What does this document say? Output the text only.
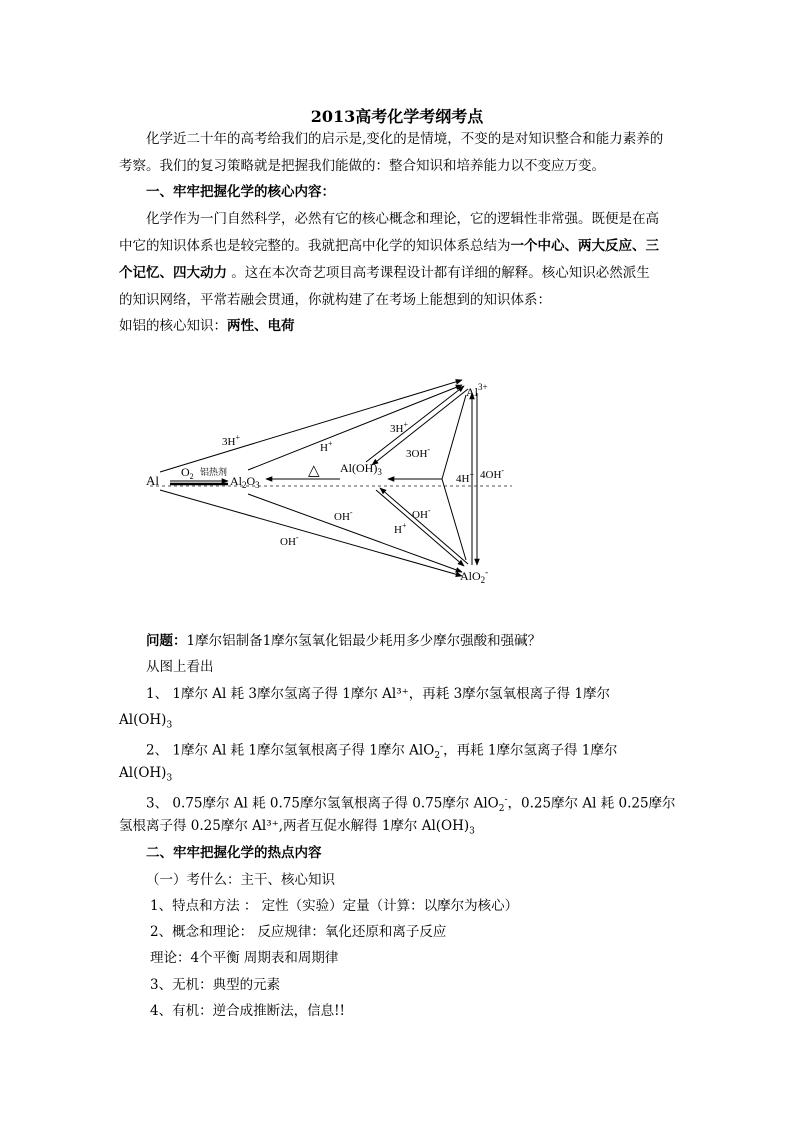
2013高考化学考纲考点
化学近二十年的高考给我们的启示是,变化的是情境，不变的是对知识整合和能力素养的
考察。我们的复习策略就是把握我们能做的：整合知识和培养能力以不变应万变。
一、牢牢把握化学的核心内容：
化学作为一门自然科学，必然有它的核心概念和理论，它的逻辑性非常强。既便是在高
中它的知识体系也是较完整的。我就把高中化学的知识体系总结为一个中心、两大反应、三
个记忆、四大动力 。这在本次奇艺项目高考课程设计都有详细的解释。核心知识必然派生
的知识网络，平常若融会贯通，你就构建了在考场上能想到的知识体系：
如铝的核心知识：两性、电荷
Al	$Al_2O_3$
$Al(OH)_3$
$Al^{3+}$
AlO$_2$-
$O_2$ 铝热剂	△
3H+
H+
3H+
3OH-
4H+ 4OH-
OH-	OH-
H+
OH-
问题：1摩尔铝制备1摩尔氢氧化铝最少耗用多少摩尔强酸和强碱？
从图上看出
1、 1摩尔 Al 耗 3摩尔氢离子得 1摩尔 Al³⁺，再耗 3摩尔氢氧根离子得 1摩尔
$Al(OH)_3$
2、 1摩尔 Al 耗 1摩尔氢氧根离子得 1摩尔 AlO$_2$-，再耗 1摩尔氢离子得 1摩尔
$Al(OH)_3$
3、 0.75摩尔 Al 耗 0.75摩尔氢氧根离子得 0.75摩尔 AlO$_2$-，0.25摩尔 Al 耗 0.25摩尔
氢根离子得 0.25摩尔 Al³⁺,两者互促水解得 1摩尔 $Al(OH)_3$
二、牢牢把握化学的热点内容
（一）考什么：主干、核心知识
1、特点和方法 ： 定性（实验）定量（计算：以摩尔为核心）
2、概念和理论： 反应规律：氧化还原和离子反应
理论：4个平衡 周期表和周期律
3、无机：典型的元素
4、有机：逆合成推断法，信息!!
